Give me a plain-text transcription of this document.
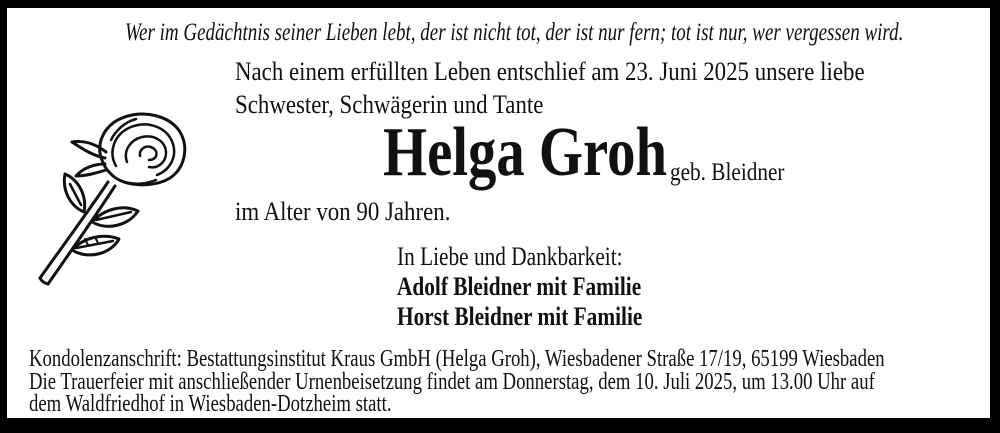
Wer im Gedächtnis seiner Lieben lebt, der ist nicht tot, der ist nur fern; tot ist nur, wer vergessen wird.
Nach einem erfüllten Leben entschlief am 23. Juni 2025 unsere liebe
Schwester, Schwägerin und Tante
Helga Groh geb. Bleidner
im Alter von 90 Jahren.
In Liebe und Dankbarkeit:
Adolf Bleidner mit Familie
Horst Bleidner mit Familie
Kondolenzanschrift: Bestattungsinstitut Kraus GmbH (Helga Groh), Wiesbadener Straße 17/19, 65199 Wiesbaden
Die Trauerfeier mit anschließender Urnenbeisetzung findet am Donnerstag, dem 10. Juli 2025, um 13.00 Uhr auf
dem Waldfriedhof in Wiesbaden-Dotzheim statt.
